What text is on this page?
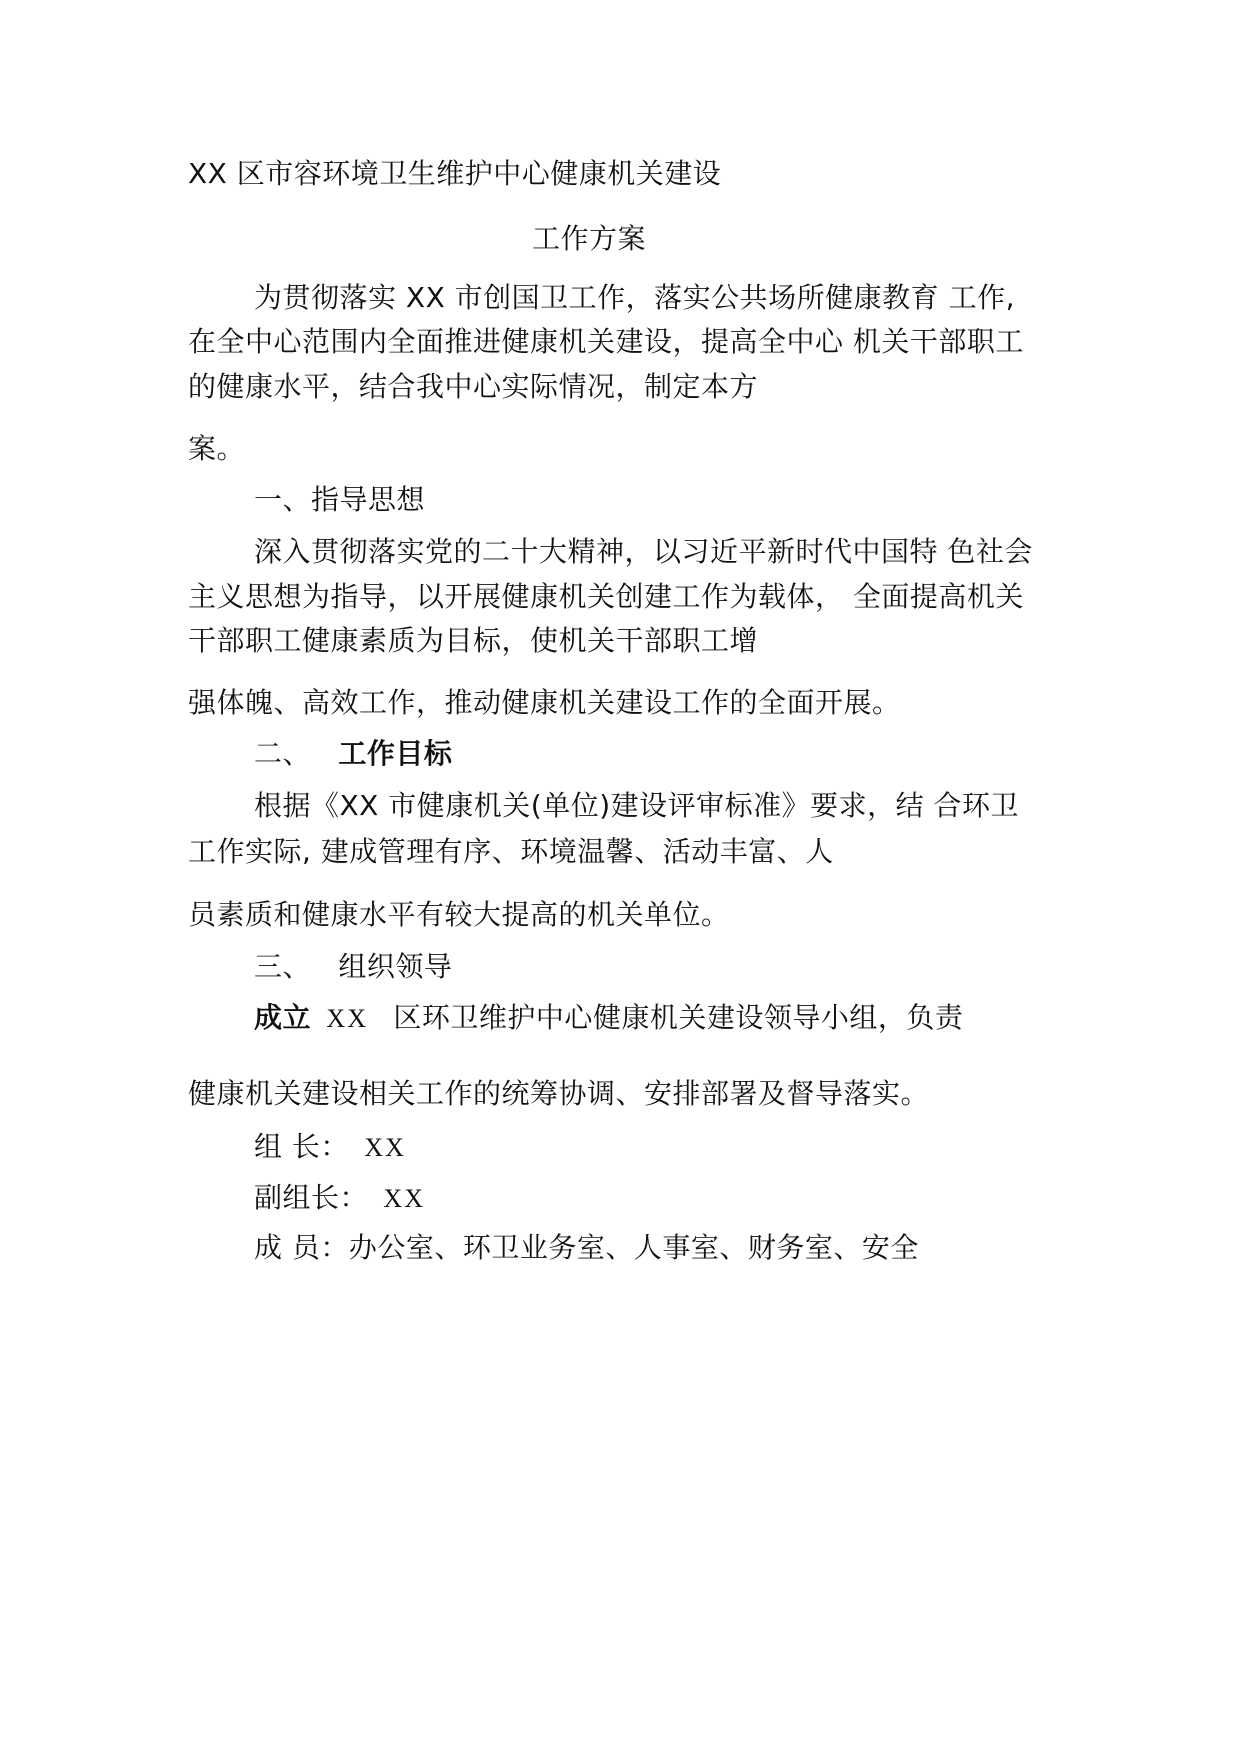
XX 区市容环境卫生维护中心健康机关建设
工作方案
为贯彻落实 XX 市创国卫工作，落实公共场所健康教育 工作,
在全中心范围内全面推进健康机关建设，提高全中心 机关干部职工
的健康水平，结合我中心实际情况，制定本方
案。
一、指导思想
深入贯彻落实党的二十大精神，以习近平新时代中国特 色社会
主义思想为指导，以开展健康机关创建工作为载体， 全面提高机关
干部职工健康素质为目标，使机关干部职工增
强体魄、高效工作，推动健康机关建设工作的全面开展。
二、 工作目标
根据《XX 市健康机关(单位)建设评审标准》要求，结 合环卫
工作实际, 建成管理有序、环境温馨、活动丰富、人
员素质和健康水平有较大提高的机关单位。
三、 组织领导
成立 XX 区环卫维护中心健康机关建设领导小组，负责
健康机关建设相关工作的统筹协调、安排部署及督导落实。
组 长： XX
副组长： XX
成 员：办公室、环卫业务室、人事室、财务室、安全
